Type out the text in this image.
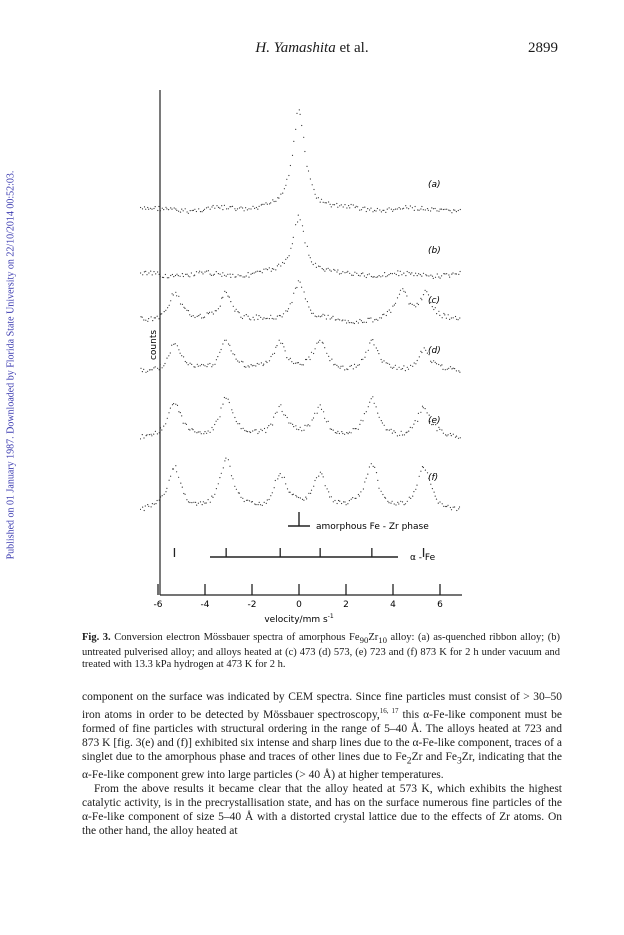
H. Yamashita et al.	2899
Published on 01 January 1987. Downloaded by Florida State University on 22/10/2014 00:52:03.	counts
(a)
(b)
(c)
(d)
(e)
(f)
amorphous Fe - Zr phase
α - Fe
-6	-4	-2	0	2	4	6
velocity/mm $s^{-1}$
Fig. 3. Conversion electron Mössbauer spectra of amorphous $Fe_{90}Zr_{10}$ alloy: (a) as-quenched ribbon alloy; (b) untreated pulverised alloy; and alloys heated at (c) 473 (d) 573, (e) 723 and (f) 873 K for 2 h under vacuum and treated with 13.3 kPa hydrogen at 473 K for 2 h.

component on the surface was indicated by CEM spectra. Since fine particles must consist of > 30–50 iron atoms in order to be detected by Mössbauer spectroscopy,$^{16, 17}$ this α-Fe-like component must be formed of fine particles with structural ordering in the range of 5–40 Å. The alloys heated at 723 and 873 K [fig. 3(e) and (f)] exhibited six intense and sharp lines due to the α-Fe-like component, traces of a singlet due to the amorphous phase and traces of other lines due to $Fe_2Zr$ and $Fe_3Zr$, indicating that the α-Fe-like component grew into large particles (> 40 Å) at higher temperatures.

From the above results it became clear that the alloy heated at 573 K, which exhibits the highest catalytic activity, is in the precrystallisation state, and has on the surface numerous fine particles of the α-Fe-like component of size 5–40 Å with a distorted crystal lattice due to the effects of Zr atoms. On the other hand, the alloy heated at
